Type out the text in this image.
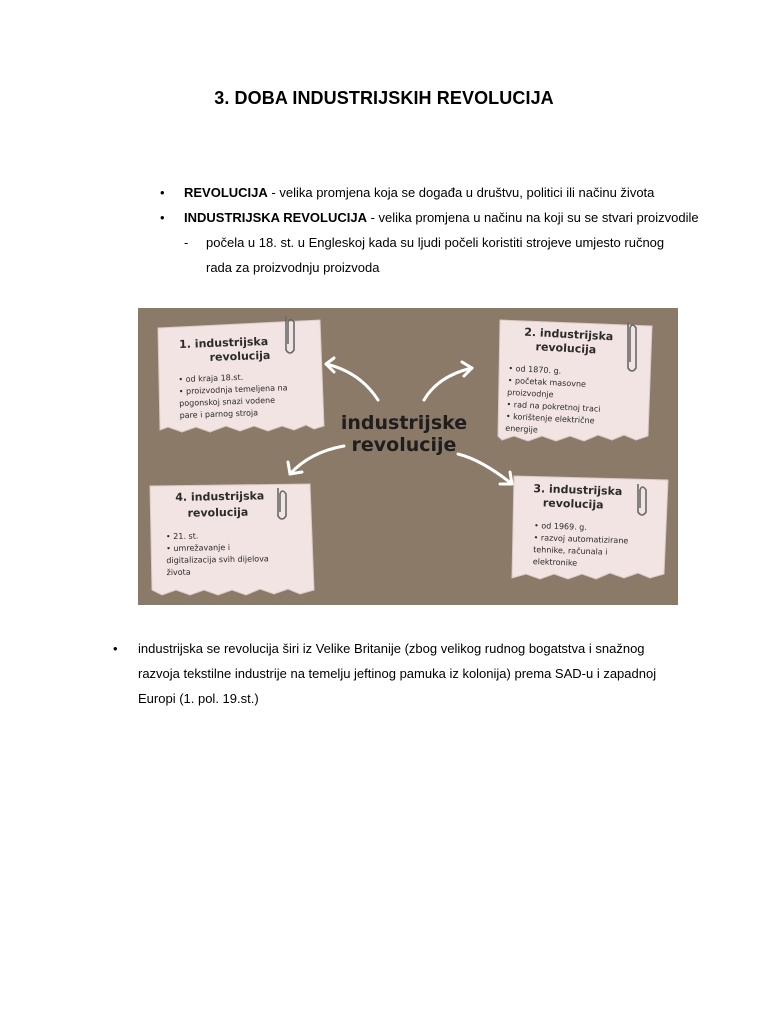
3. DOBA INDUSTRIJSKIH REVOLUCIJA
• REVOLUCIJA - velika promjena koja se događa u društvu, politici ili načinu života
• INDUSTRIJSKA REVOLUCIJA - velika promjena u načinu na koji su se stvari proizvodile
- počela u 18. st. u Engleskoj kada su ljudi počeli koristiti strojeve umjesto ručnog
rada za proizvodnju proizvoda
1. industrijska
revolucija
• od kraja 18.st.
• proizvodnja temeljena na
pogonskoj snazi vodene
pare i parnog stroja
2. industrijska
revolucija
• od 1870. g.
• početak masovne
proizvodnje
• rad na pokretnoj traci
• korištenje električne
energije
3. industrijska
revolucija
• od 1969. g.
• razvoj automatizirane
tehnike, računala i
elektronike
4. industrijska
revolucija
• 21. st.
• umrežavanje i
digitalizacija svih dijelova
života
industrijske
revolucije
• industrijska se revolucija širi iz Velike Britanije (zbog velikog rudnog bogatstva i snažnog
razvoja tekstilne industrije na temelju jeftinog pamuka iz kolonija) prema SAD-u i zapadnoj
Europi (1. pol. 19.st.)
